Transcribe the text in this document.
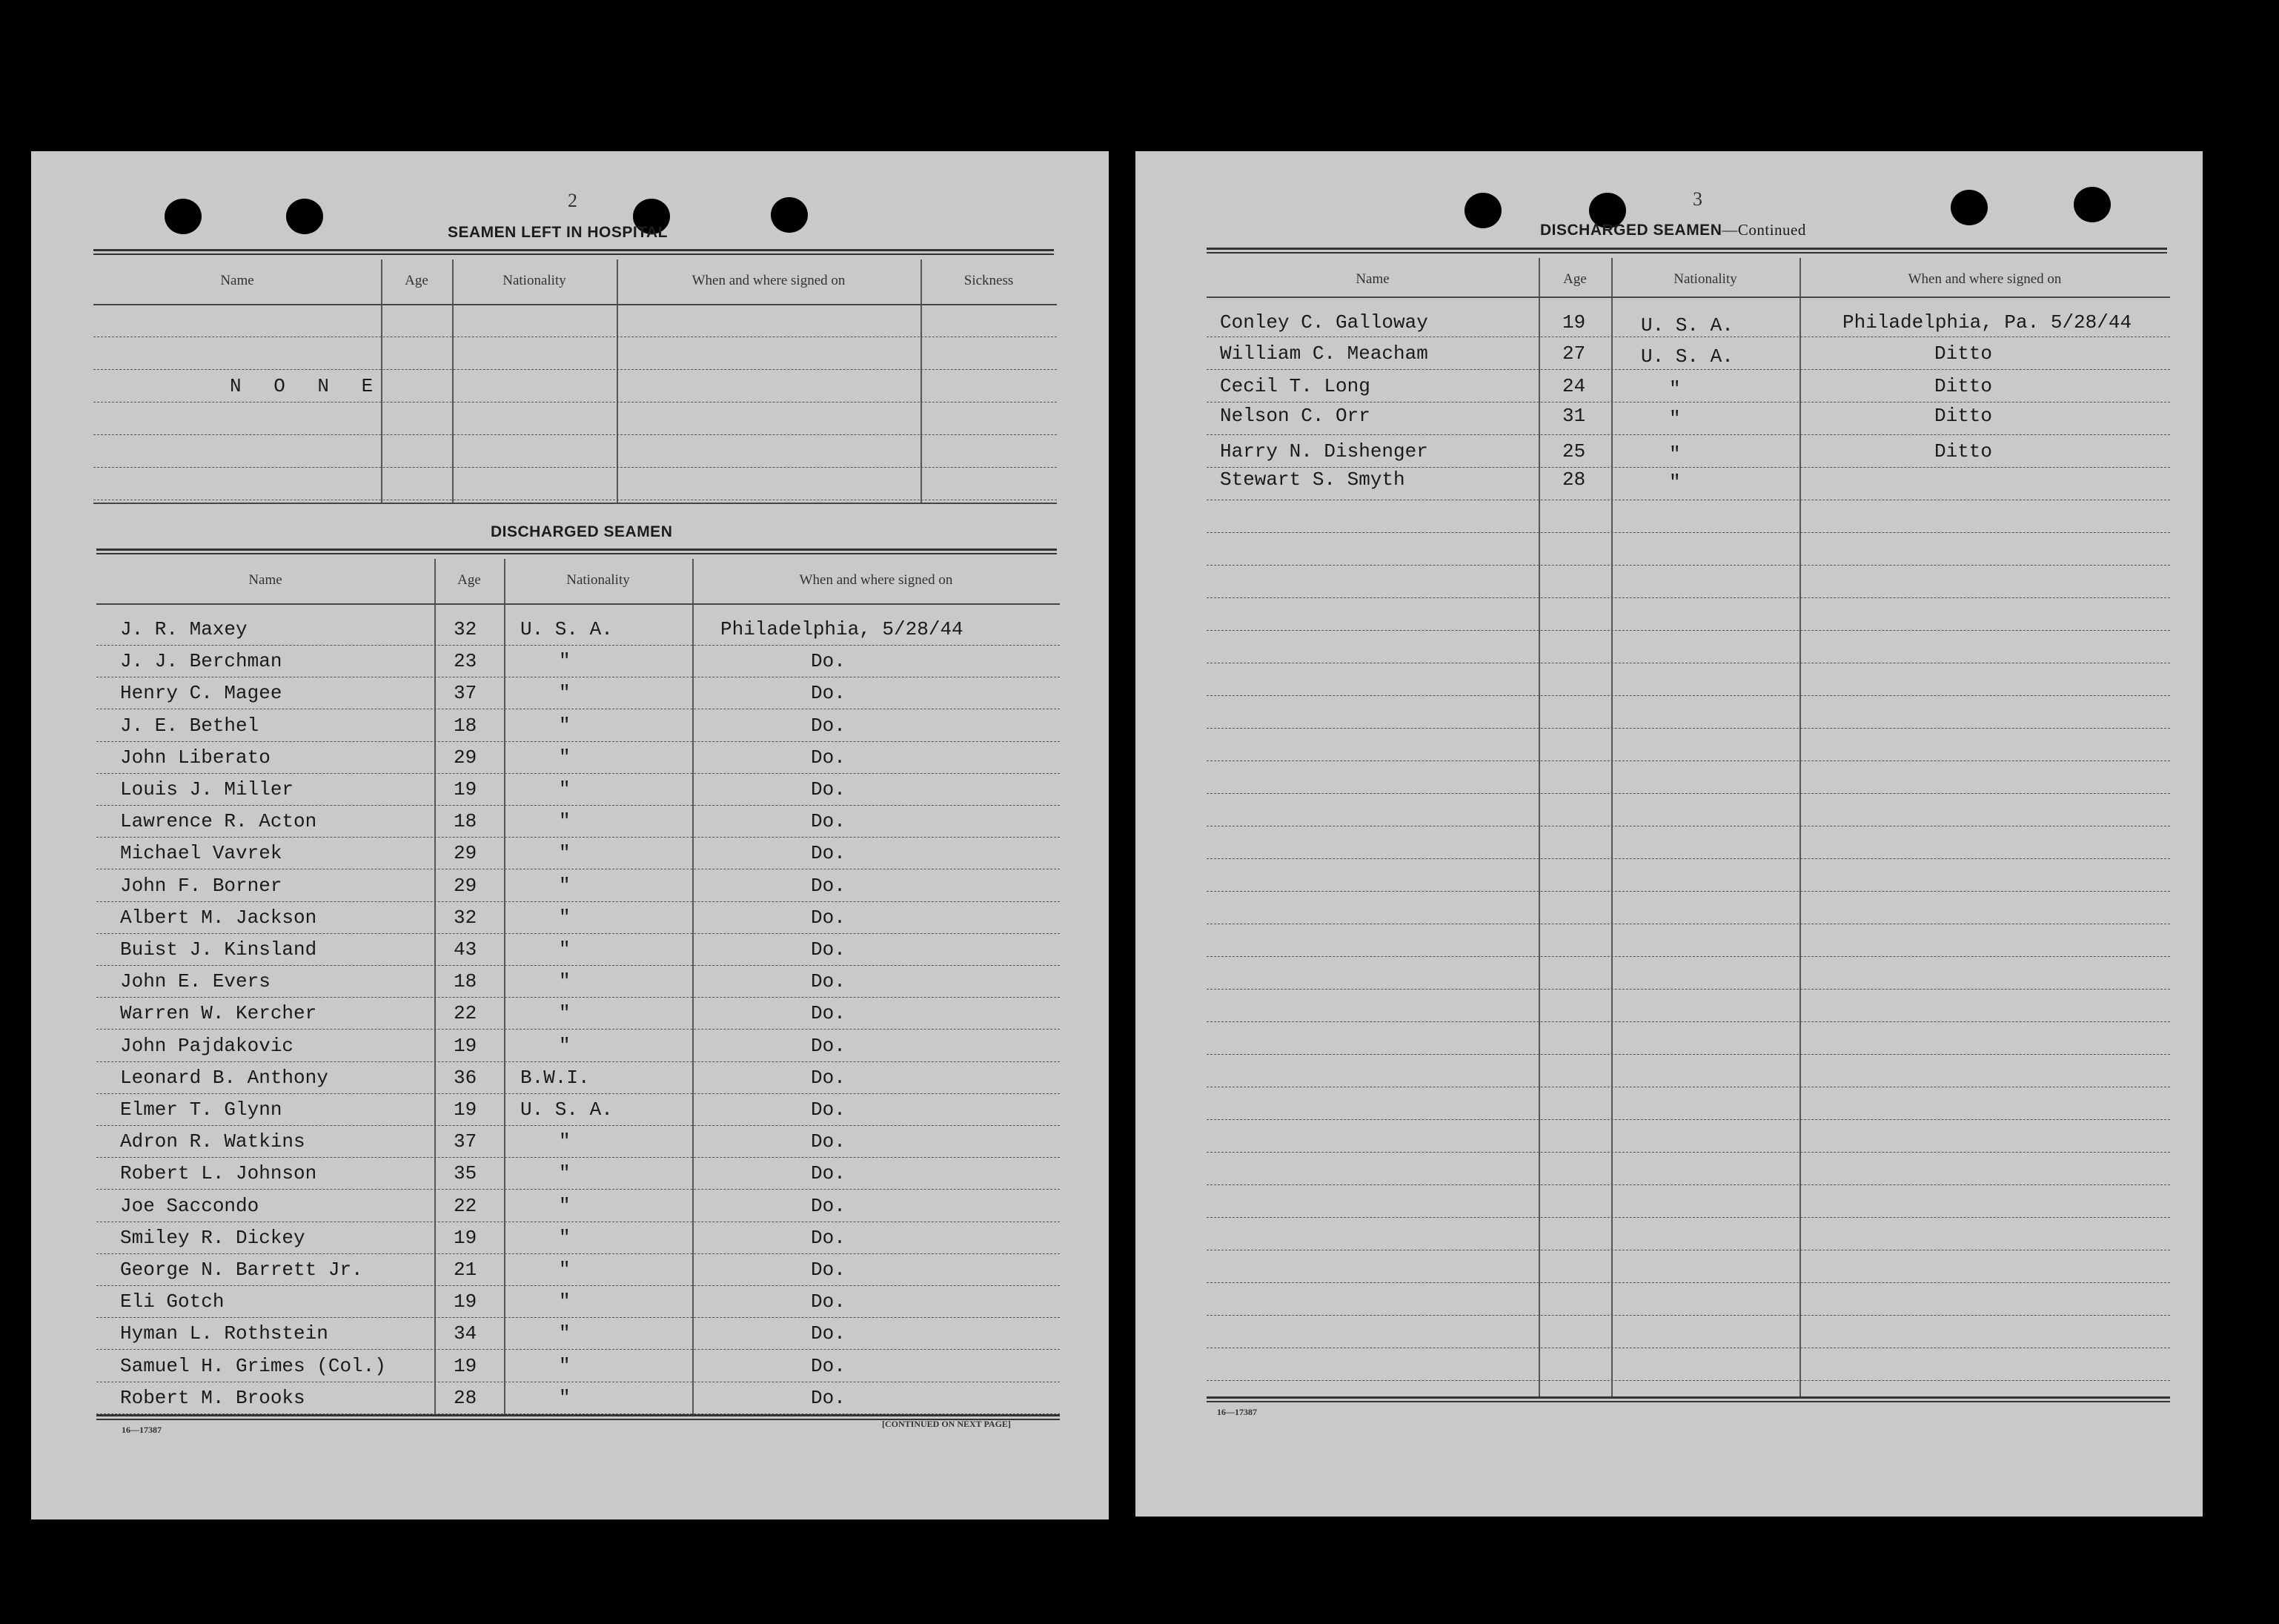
2
SEAMEN LEFT IN HOSPITAL
Name	Age	Nationality	When and where signed on	Sickness
N O N E
DISCHARGED SEAMEN
Name	Age	Nationality	When and where signed on
J. R. Maxey	32 U. S. A.	Philadelphia, 5/28/44
J. J. Berchman	23	"	Do.
Henry C. Magee	37	"	Do.
J. E. Bethel	18	"	Do.
John Liberato	29	"	Do.
Louis J. Miller	19	"	Do.
Lawrence R. Acton	18	"	Do.
Michael Vavrek	29	"	Do.
John F. Borner	29	"	Do.
Albert M. Jackson	32	"	Do.
Buist J. Kinsland	43	"	Do.
John E. Evers	18	"	Do.
Warren W. Kercher	22	"	Do.
John Pajdakovic	19	"	Do.
Leonard B. Anthony	36 B.W.I.	Do.
Elmer T. Glynn	19 U. S. A.	Do.
Adron R. Watkins	37	"	Do.
Robert L. Johnson	35	"	Do.
Joe Saccondo	22	"	Do.
Smiley R. Dickey	19	"	Do.
George N. Barrett Jr.	21	"	Do.
Eli Gotch	19	"	Do.
Hyman L. Rothstein	34	"	Do.
Samuel H. Grimes (Col.)	19	"	Do.
Robert M. Brooks	28	"	Do.
16—17387
[CONTINUED ON NEXT PAGE]
3
DISCHARGED SEAMEN—Continued
Name	Age	Nationality	When and where signed on
Conley C. Galloway	19	U. S. A.	Philadelphia, Pa. 5/28/44
William C. Meacham	27	U. S. A.	Ditto
Cecil T. Long	24	"	Ditto
Nelson C. Orr	31	"	Ditto
Harry N. Dishenger	25	"	Ditto
Stewart S. Smyth	28	"
16—17387
